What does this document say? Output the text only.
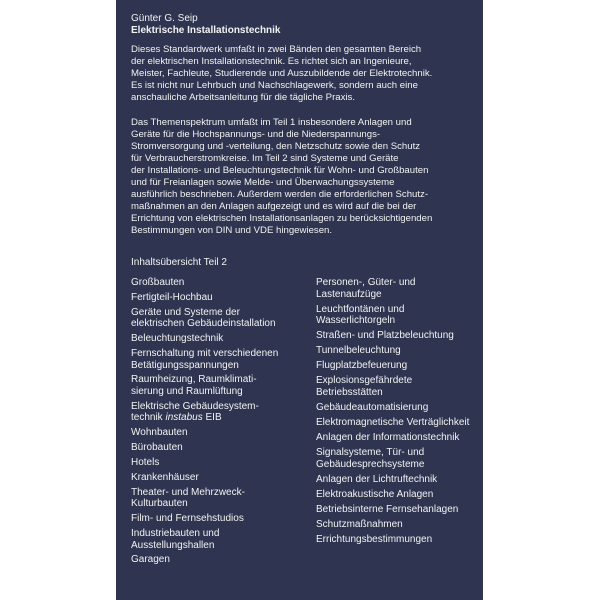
Günter G. Seip
Elektrische Installationstechnik
Dieses Standardwerk umfaßt in zwei Bänden den gesamten Bereich
der elektrischen Installationstechnik. Es richtet sich an Ingenieure,
Meister, Fachleute, Studierende und Auszubildende der Elektrotechnik.
Es ist nicht nur Lehrbuch und Nachschlagewerk, sondern auch eine
anschauliche Arbeitsanleitung für die tägliche Praxis.
Das Themenspektrum umfaßt im Teil 1 insbesondere Anlagen und
Geräte für die Hochspannungs- und die Niederspannungs-
Stromversorgung und -verteilung, den Netzschutz sowie den Schutz
für Verbraucherstromkreise. Im Teil 2 sind Systeme und Geräte
der Installations- und Beleuchtungstechnik für Wohn- und Großbauten
und für Freianlagen sowie Melde- und Überwachungssysteme
ausführlich beschrieben. Außerdem werden die erforderlichen Schutz-
maßnahmen an den Anlagen aufgezeigt und es wird auf die bei der
Errichtung von elektrischen Installationsanlagen zu berücksichtigenden
Bestimmungen von DIN und VDE hingewiesen.
Inhaltsübersicht Teil 2
Großbauten
Fertigteil-Hochbau
Geräte und Systeme der
elektrischen Gebäudeinstallation
Beleuchtungstechnik
Fernschaltung mit verschiedenen
Betätigungsspannungen
Raumheizung, Raumklimati-
sierung und Raumlüftung
Elektrische Gebäudesystem-
technik instabus EIB
Wohnbauten
Bürobauten
Hotels
Krankenhäuser
Theater- und Mehrzweck-
Kulturbauten
Film- und Fernsehstudios
Industriebauten und
Ausstellungshallen
Garagen
Personen-, Güter- und
Lastenaufzüge
Leuchtfontänen und
Wasserlichtorgeln
Straßen- und Platzbeleuchtung
Tunnelbeleuchtung
Flugplatzbefeuerung
Explosionsgefährdete
Betriebsstätten
Gebäudeautomatisierung
Elektromagnetische Verträglichkeit
Anlagen der Informationstechnik
Signalsysteme, Tür- und
Gebäudesprechsysteme
Anlagen der Lichtruftechnik
Elektroakustische Anlagen
Betriebsinterne Fernsehanlagen
Schutzmaßnahmen
Errichtungsbestimmungen
